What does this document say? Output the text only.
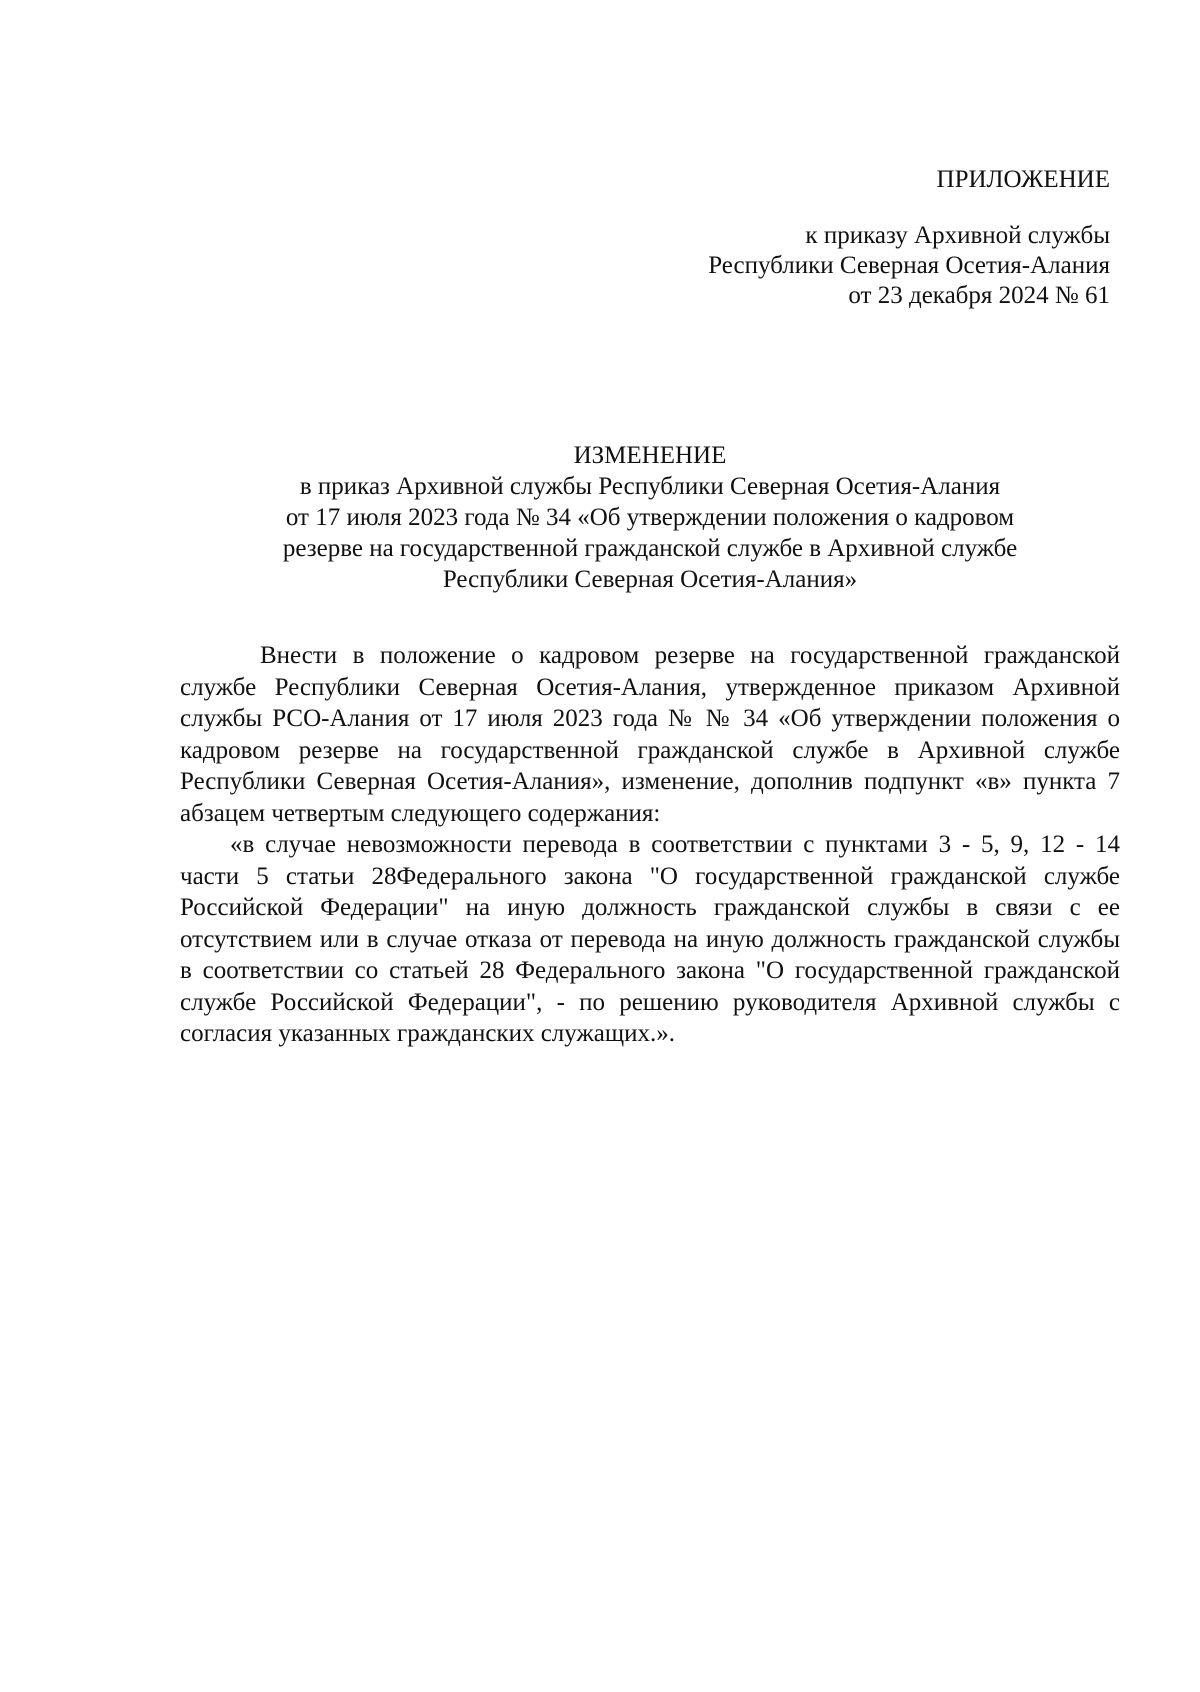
ПРИЛОЖЕНИЕ
к приказу Архивной службы
Республики Северная Осетия-Алания
от 23 декабря 2024 № 61
ИЗМЕНЕНИЕ
в приказ Архивной службы Республики Северная Осетия-Алания
от 17 июля 2023 года № 34 «Об утверждении положения о кадровом
резерве на государственной гражданской службе в Архивной службе
Республики Северная Осетия-Алания»

Внести в положение о кадровом резерве на государственной гражданской службе Республики Северная Осетия-Алания, утвержденное приказом Архивной службы РСО-Алания от 17 июля 2023 года № № 34 «Об утверждении положения о кадровом резерве на государственной гражданской службе в Архивной службе Республики Северная Осетия-Алания», изменение, дополнив подпункт «в» пункта 7 абзацем четвертым следующего содержания:

«в случае невозможности перевода в соответствии с пунктами 3 - 5, 9, 12 - 14 части 5 статьи 28Федерального закона "О государственной гражданской службе Российской Федерации" на иную должность гражданской службы в связи с ее отсутствием или в случае отказа от перевода на иную должность гражданской службы в соответствии со статьей 28 Федерального закона "О государственной гражданской службе Российской Федерации", - по решению руководителя Архивной службы с согласия указанных гражданских служащих.».
